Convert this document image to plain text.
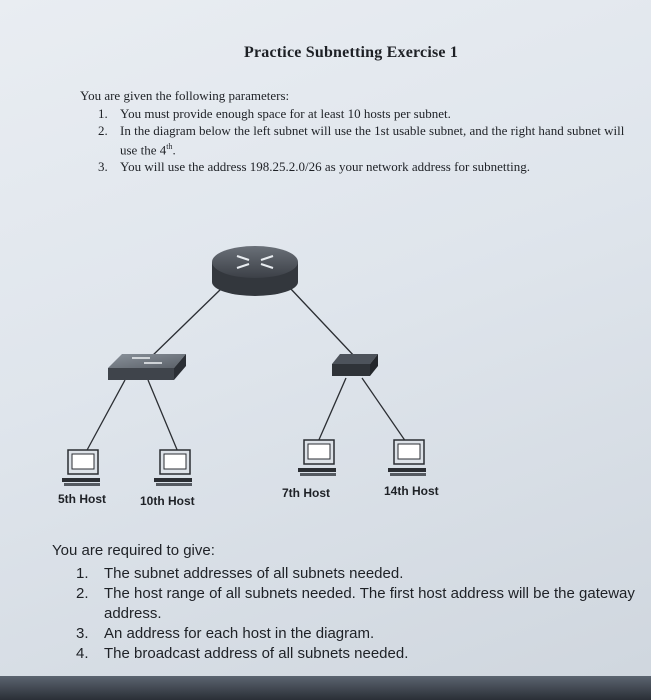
Practice Subnetting Exercise 1
You are given the following parameters:
1. You must provide enough space for at least 10 hosts per subnet.
2. In the diagram below the left subnet will use the 1st usable subnet, and the right hand subnet will use the 4th.
3. You will use the address 198.25.2.0/26 as your network address for subnetting.
5th Host	10th Host
7th Host	14th Host
You are required to give:
1. The subnet addresses of all subnets needed.
2. The host range of all subnets needed. The first host address will be the gateway address.
3. An address for each host in the diagram.
4. The broadcast address of all subnets needed.
